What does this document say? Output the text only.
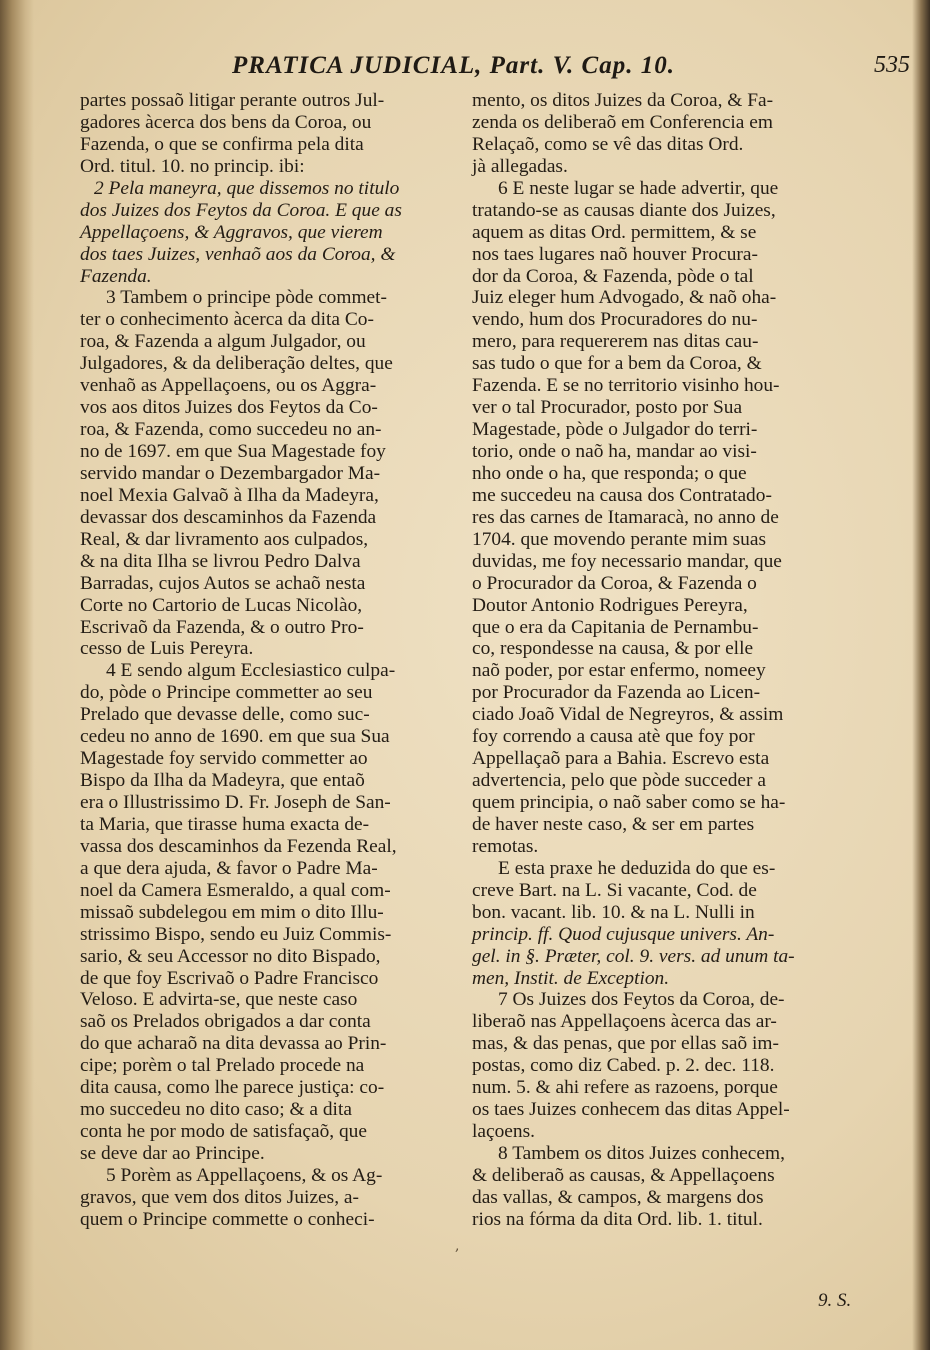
PRATICA JUDICIAL, Part. V. Cap. 10.	535
partes possaõ litigar perante outros Jul-
gadores àcerca dos bens da Coroa, ou
Fazenda, o que se confirma pela dita
Ord. titul. 10. no princip. ibi:
2 Pela maneyra, que dissemos no titulo
dos Juizes dos Feytos da Coroa. E que as
Appellaçoens, & Aggravos, que vierem
dos taes Juizes, venhaõ aos da Coroa, &
Fazenda.
3 Tambem o principe pòde commet-
ter o conhecimento àcerca da dita Co-
roa, & Fazenda a algum Julgador, ou
Julgadores, & da deliberação deltes, que
venhaõ as Appellaçoens, ou os Aggra-
vos aos ditos Juizes dos Feytos da Co-
roa, & Fazenda, como succedeu no an-
no de 1697. em que Sua Magestade foy
servido mandar o Dezembargador Ma-
noel Mexia Galvaõ à Ilha da Madeyra,
devassar dos descaminhos da Fazenda
Real, & dar livramento aos culpados,
& na dita Ilha se livrou Pedro Dalva
Barradas, cujos Autos se achaõ nesta
Corte no Cartorio de Lucas Nicolào,
Escrivaõ da Fazenda, & o outro Pro-
cesso de Luis Pereyra.
4 E sendo algum Ecclesiastico culpa-
do, pòde o Principe commetter ao seu
Prelado que devasse delle, como suc-
cedeu no anno de 1690. em que sua Sua
Magestade foy servido commetter ao
Bispo da Ilha da Madeyra, que entaõ
era o Illustrissimo D. Fr. Joseph de San-
ta Maria, que tirasse huma exacta de-
vassa dos descaminhos da Fezenda Real,
a que dera ajuda, & favor o Padre Ma-
noel da Camera Esmeraldo, a qual com-
missaõ subdelegou em mim o dito Illu-
strissimo Bispo, sendo eu Juiz Commis-
sario, & seu Accessor no dito Bispado,
de que foy Escrivaõ o Padre Francisco
Veloso. E advirta-se, que neste caso
saõ os Prelados obrigados a dar conta
do que acharaõ na dita devassa ao Prin-
cipe; porèm o tal Prelado procede na
dita causa, como lhe parece justiça: co-
mo succedeu no dito caso; & a dita
conta he por modo de satisfaçaõ, que
se deve dar ao Principe.
5 Porèm as Appellaçoens, & os Ag-
gravos, que vem dos ditos Juizes, a-
quem o Principe commette o conheci-
mento, os ditos Juizes da Coroa, & Fa-
zenda os deliberaõ em Conferencia em
Relaçaõ, como se vê das ditas Ord.
jà allegadas.
6 E neste lugar se hade advertir, que
tratando-se as causas diante dos Juizes,
aquem as ditas Ord. permittem, & se
nos taes lugares naõ houver Procura-
dor da Coroa, & Fazenda, pòde o tal
Juiz eleger hum Advogado, & naõ oha-
vendo, hum dos Procuradores do nu-
mero, para requererem nas ditas cau-
sas tudo o que for a bem da Coroa, &
Fazenda. E se no territorio visinho hou-
ver o tal Procurador, posto por Sua
Magestade, pòde o Julgador do terri-
torio, onde o naõ ha, mandar ao visi-
nho onde o ha, que responda; o que
me succedeu na causa dos Contratado-
res das carnes de Itamaracà, no anno de
1704. que movendo perante mim suas
duvidas, me foy necessario mandar, que
o Procurador da Coroa, & Fazenda o
Doutor Antonio Rodrigues Pereyra,
que o era da Capitania de Pernambu-
co, respondesse na causa, & por elle
naõ poder, por estar enfermo, nomeey
por Procurador da Fazenda ao Licen-
ciado Joaõ Vidal de Negreyros, & assim
foy correndo a causa atè que foy por
Appellaçaõ para a Bahia. Escrevo esta
advertencia, pelo que pòde succeder a
quem principia, o naõ saber como se ha-
de haver neste caso, & ser em partes
remotas.
E esta praxe he deduzida do que es-
creve Bart. na L. Si vacante, Cod. de
bon. vacant. lib. 10. & na L. Nulli in
princip. ff. Quod cujusque univers. An-
gel. in §. Præter, col. 9. vers. ad unum ta-
men, Instit. de Exception.
7 Os Juizes dos Feytos da Coroa, de-
liberaõ nas Appellaçoens àcerca das ar-
mas, & das penas, que por ellas saõ im-
postas, como diz Cabed. p. 2. dec. 118.
num. 5. & ahi refere as razoens, porque
os taes Juizes conhecem das ditas Appel-
laçoens.
8 Tambem os ditos Juizes conhecem,
& deliberaõ as causas, & Appellaçoens
das vallas, & campos, & margens dos
rios na fórma da dita Ord. lib. 1. titul.
9. S.
,
